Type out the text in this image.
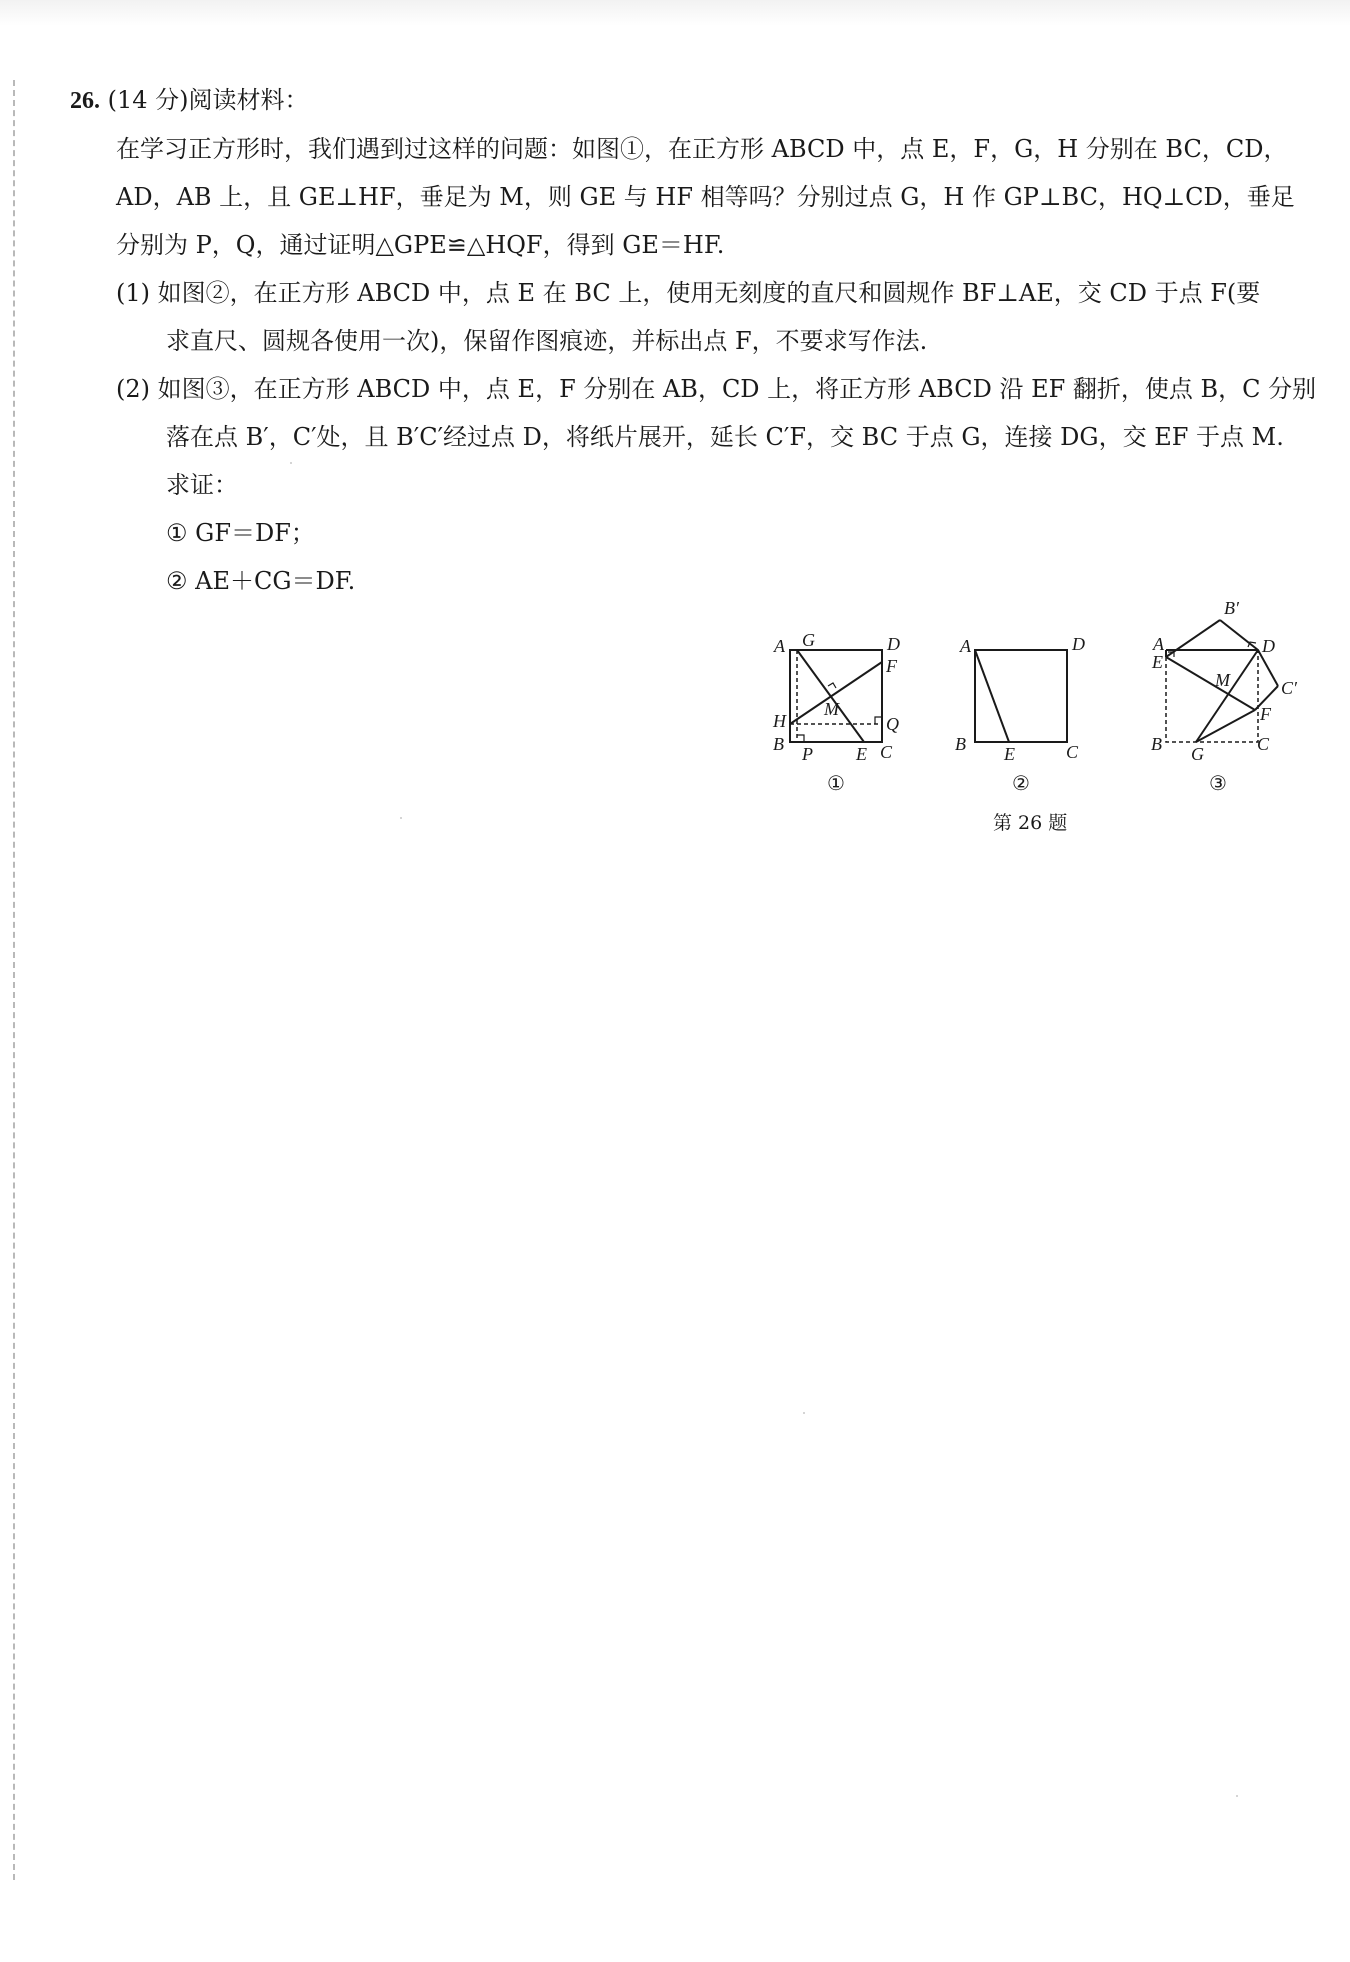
26. (14 分)阅读材料：
在学习正方形时，我们遇到过这样的问题：如图①，在正方形 ABCD 中，点 E，F，G，H 分别在 BC，CD，
AD，AB 上，且 GE⊥HF，垂足为 M，则 GE 与 HF 相等吗？分别过点 G，H 作 GP⊥BC，HQ⊥CD，垂足
分别为 P，Q，通过证明△GPE≌△HQF，得到 GE＝HF.
(1) 如图②，在正方形 ABCD 中，点 E 在 BC 上，使用无刻度的直尺和圆规作 BF⊥AE，交 CD 于点 F(要
求直尺、圆规各使用一次)，保留作图痕迹，并标出点 F，不要求写作法.
(2) 如图③，在正方形 ABCD 中，点 E，F 分别在 AB，CD 上，将正方形 ABCD 沿 EF 翻折，使点 B，C 分别
落在点 B′，C′处，且 B′C′经过点 D，将纸片展开，延长 C′F，交 BC 于点 G，连接 DG，交 EF 于点 M.
求证：
① GF＝DF；
② AE＋CG＝DF.
A G	D
F
M
H	Q
B P E C
①
A	D
B E	C
②
A
E
B′
D
M	C′
F
B G	C
③
第 26 题
